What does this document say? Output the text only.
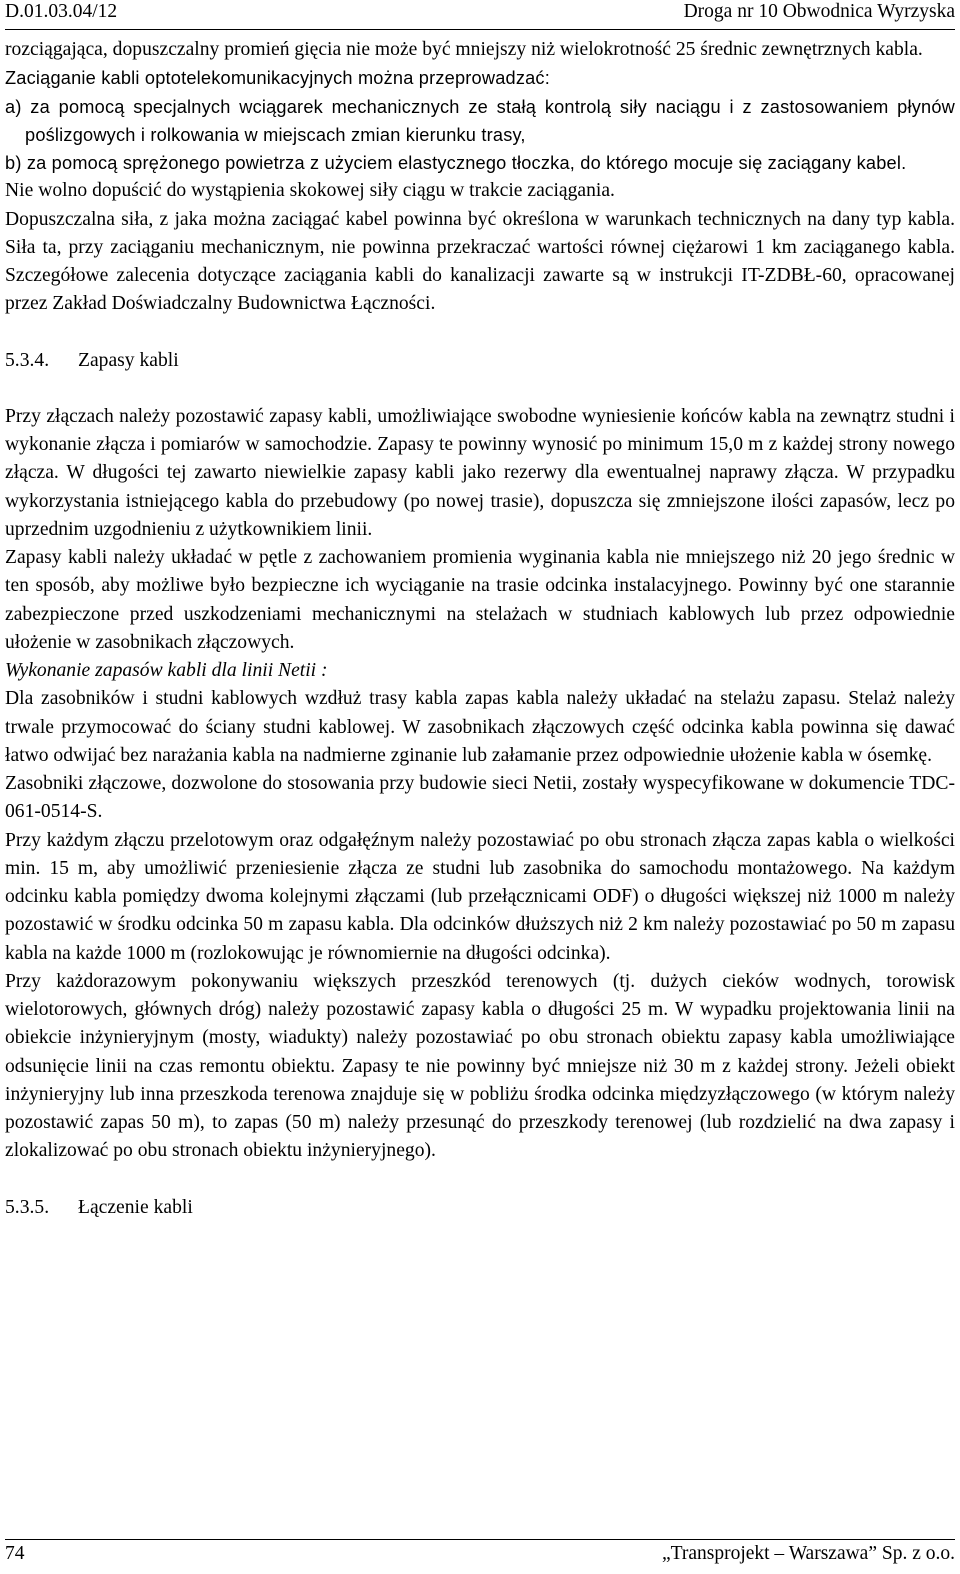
D.01.03.04/12	Droga nr 10 Obwodnica Wyrzyska

rozciągająca, dopuszczalny promień gięcia nie może być mniejszy niż wielokrotność 25 średnic zewnętrznych kabla.

Zaciąganie kabli optotelekomunikacyjnych można przeprowadzać:

a) za pomocą specjalnych wciągarek mechanicznych ze stałą kontrolą siły naciągu i z zastosowaniem płynów poślizgowych i rolkowania w miejscach zmian kierunku trasy,

b) za pomocą sprężonego powietrza z użyciem elastycznego tłoczka, do którego mocuje się zaciągany kabel.

Nie wolno dopuścić do wystąpienia skokowej siły ciągu w trakcie zaciągania.

Dopuszczalna siła, z jaka można zaciągać kabel powinna być określona w warunkach technicznych na dany typ kabla. Siła ta, przy zaciąganiu mechanicznym, nie powinna przekraczać wartości równej ciężarowi 1 km zaciąganego kabla. Szczegółowe zalecenia dotyczące zaciągania kabli do kanalizacji zawarte są w instrukcji IT-ZDBŁ-60, opracowanej przez Zakład Doświadczalny Budownictwa Łączności.

5.3.4.	Zapasy kabli

Przy złączach należy pozostawić zapasy kabli, umożliwiające swobodne wyniesienie końców kabla na zewnątrz studni i wykonanie złącza i pomiarów w samochodzie. Zapasy te powinny wynosić po minimum 15,0 m z każdej strony nowego złącza. W długości tej zawarto niewielkie zapasy kabli jako rezerwy dla ewentualnej naprawy złącza. W przypadku wykorzystania istniejącego kabla do przebudowy (po nowej trasie), dopuszcza się zmniejszone ilości zapasów, lecz po uprzednim uzgodnieniu z użytkownikiem linii.

Zapasy kabli należy układać w pętle z zachowaniem promienia wyginania kabla nie mniejszego niż 20 jego średnic w ten sposób, aby możliwe było bezpieczne ich wyciąganie na trasie odcinka instalacyjnego. Powinny być one starannie zabezpieczone przed uszkodzeniami mechanicznymi na stelażach w studniach kablowych lub przez odpowiednie ułożenie w zasobnikach złączowych.

Wykonanie zapasów kabli dla linii Netii :

Dla zasobników i studni kablowych wzdłuż trasy kabla zapas kabla należy układać na stelażu zapasu. Stelaż należy trwale przymocować do ściany studni kablowej. W zasobnikach złączowych część odcinka kabla powinna się dawać łatwo odwijać bez narażania kabla na nadmierne zginanie lub załamanie przez odpowiednie ułożenie kabla w ósemkę.

Zasobniki złączowe, dozwolone do stosowania przy budowie sieci Netii, zostały wyspecyfikowane w dokumencie TDC-061-0514-S.

Przy każdym złączu przelotowym oraz odgałęźnym należy pozostawiać po obu stronach złącza zapas kabla o wielkości min. 15 m, aby umożliwić przeniesienie złącza ze studni lub zasobnika do samochodu montażowego. Na każdym odcinku kabla pomiędzy dwoma kolejnymi złączami (lub przełącznicami ODF) o długości większej niż 1000 m należy pozostawić w środku odcinka 50 m zapasu kabla. Dla odcinków dłuższych niż 2 km należy pozostawiać po 50 m zapasu kabla na każde 1000 m (rozlokowując je równomiernie na długości odcinka).

Przy każdorazowym pokonywaniu większych przeszkód terenowych (tj. dużych cieków wodnych, torowisk wielotorowych, głównych dróg) należy pozostawić zapasy kabla o długości 25 m. W wypadku projektowania linii na obiekcie inżynieryjnym (mosty, wiadukty) należy pozostawiać po obu stronach obiektu zapasy kabla umożliwiające odsunięcie linii na czas remontu obiektu. Zapasy te nie powinny być mniejsze niż 30 m z każdej strony. Jeżeli obiekt inżynieryjny lub inna przeszkoda terenowa znajduje się w pobliżu środka odcinka międzyzłączowego (w którym należy pozostawić zapas 50 m), to zapas (50 m) należy przesunąć do przeszkody terenowej (lub rozdzielić na dwa zapasy i zlokalizować po obu stronach obiektu inżynieryjnego).

5.3.5.	Łączenie kabli
74	„Transprojekt – Warszawa” Sp. z o.o.
